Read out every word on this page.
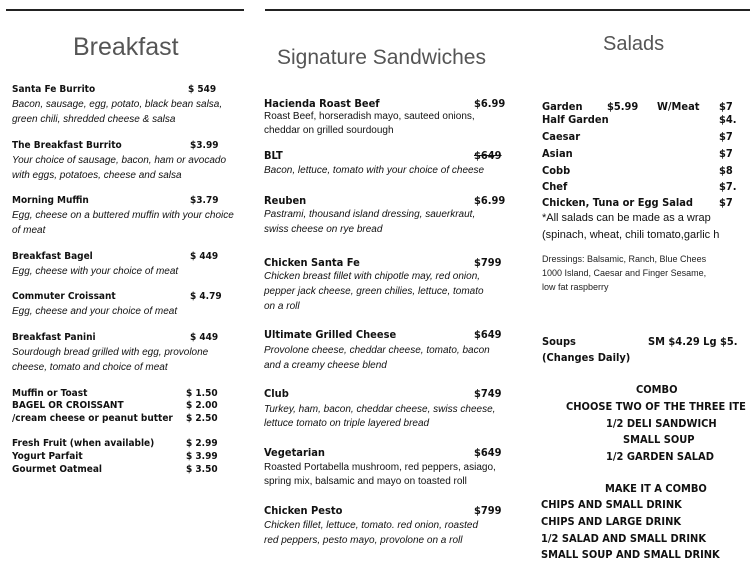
Breakfast
Santa Fe Burrito	$ 549
Bacon, sausage, egg, potato, black bean salsa,
green chili, shredded cheese & salsa
The Breakfast Burrito	$3.99
Your choice of sausage, bacon, ham or avocado
with eggs, potatoes, cheese and salsa
Morning Muffin	$3.79
Egg, cheese on a buttered muffin with your choice
of meat
Breakfast Bagel	$ 449
Egg, cheese with your choice of meat
Commuter Croissant	$ 4.79
Egg, cheese and your choice of meat
Breakfast Panini	$ 449
Sourdough bread grilled with egg, provolone
cheese, tomato and choice of meat
Muffin or Toast	$ 1.50
BAGEL OR CROISSANT	$ 2.00
/cream cheese or peanut butter $ 2.50
Fresh Fruit (when available)	$ 2.99
Yogurt Parfait	$ 3.99
Gourmet Oatmeal	$ 3.50
Signature Sandwiches
Hacienda Roast Beef	$6.99
Roast Beef, horseradish mayo, sauteed onions,
cheddar on grilled sourdough
BLT	$649
Bacon, lettuce, tomato with your choice of cheese
Reuben	$6.99
Pastrami, thousand island dressing, sauerkraut,
swiss cheese on rye bread
Chicken Santa Fe	$799
Chicken breast fillet with chipotle may, red onion,
pepper jack cheese, green chilies, lettuce, tomato
on a roll
Ultimate Grilled Cheese	$649
Provolone cheese, cheddar cheese, tomato, bacon
and a creamy cheese blend
Club	$749
Turkey, ham, bacon, cheddar cheese, swiss cheese,
lettuce tomato on triple layered bread
Vegetarian	$649
Roasted Portabella mushroom, red peppers, asiago,
spring mix, balsamic and mayo on toasted roll
Chicken Pesto	$799
Chicken fillet, lettuce, tomato. red onion, roasted
red peppers, pesto mayo, provolone on a roll
Salads
Garden $5.99 W/Meat $7
Half Garden	$4.
Caesar	$7
Asian	$7
Cobb	$8
Chef	$7.
Chicken, Tuna or Egg Salad $7
*All salads can be made as a wrap
(spinach, wheat, chili tomato,garlic h
Dressings: Balsamic, Ranch, Blue Chees
1000 Island, Caesar and Finger Sesame,
low fat raspberry
Soups	SM $4.29 Lg $5.
(Changes Daily)
COMBO
CHOOSE TWO OF THE THREE ITE
1/2 DELI SANDWICH
SMALL SOUP
1/2 GARDEN SALAD
MAKE IT A COMBO
CHIPS AND SMALL DRINK
CHIPS AND LARGE DRINK
1/2 SALAD AND SMALL DRINK
SMALL SOUP AND SMALL DRINK
